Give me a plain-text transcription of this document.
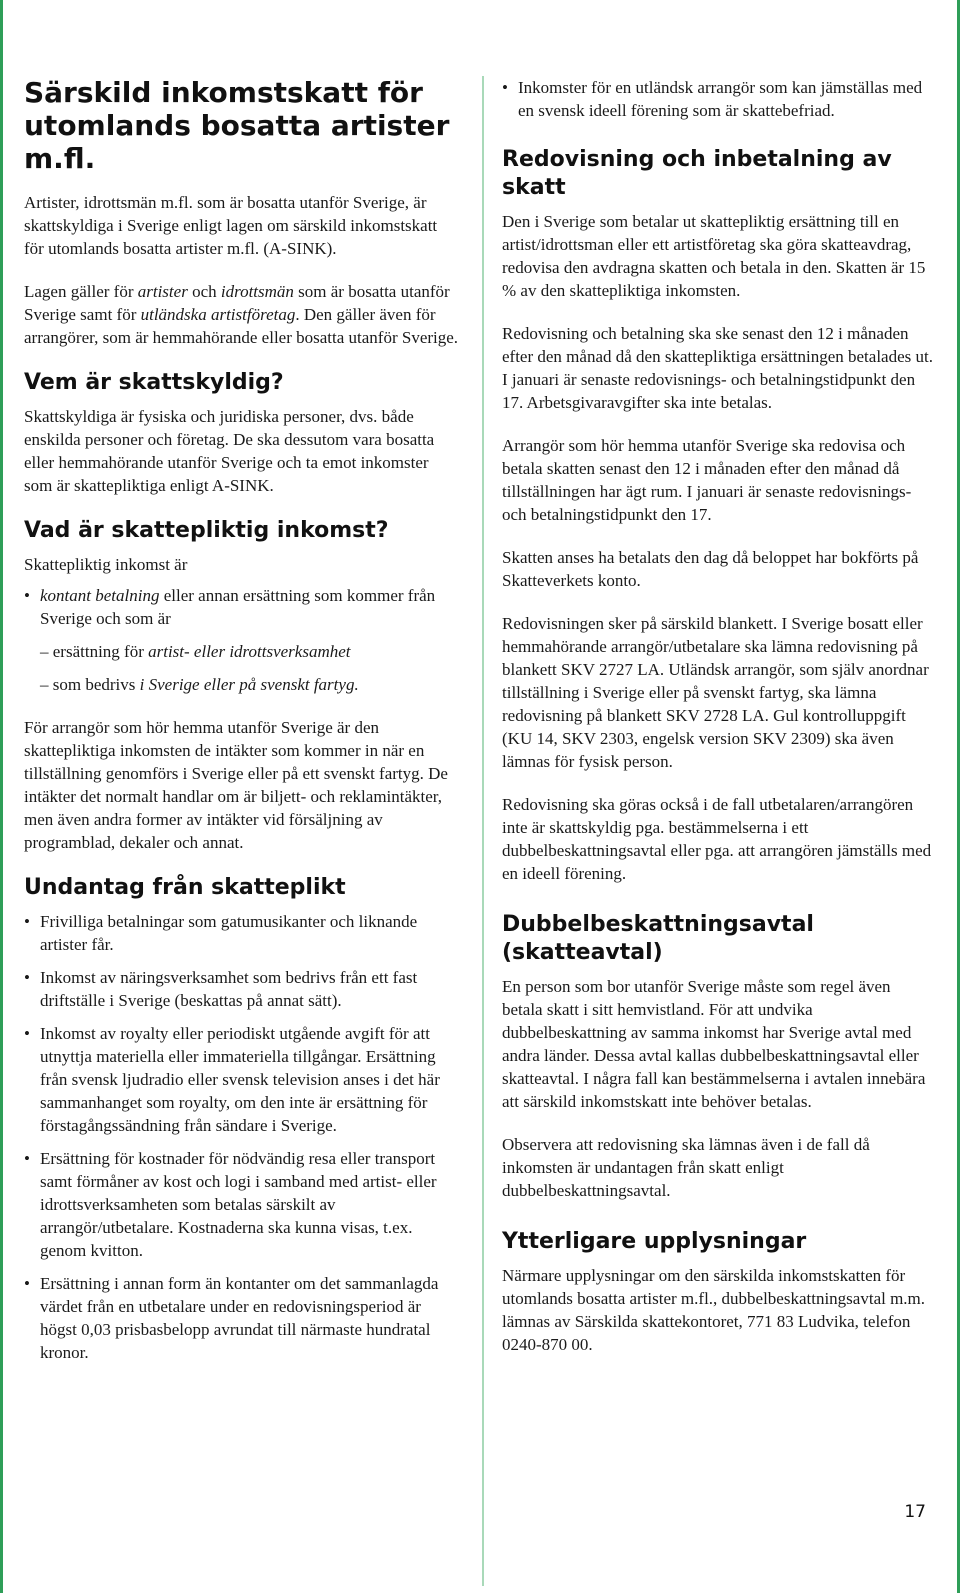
Särskild inkomstskatt för utomlands bosatta artister m.fl.

Artister, idrottsmän m.fl. som är bosatta utanför Sverige, är skattskyldiga i Sverige enligt lagen om särskild inkomstskatt för utomlands bosatta artister m.fl. (A-SINK).

Lagen gäller för artister och idrottsmän som är bosatta utanför Sverige samt för utländska artistföretag. Den gäller även för arrangörer, som är hemmahörande eller bosatta utanför Sverige.

Vem är skattskyldig?

Skattskyldiga är fysiska och juridiska personer, dvs. både enskilda personer och företag. De ska dessutom vara bosatta eller hemmahörande utanför Sverige och ta emot inkomster som är skattepliktiga enligt A-SINK.

Vad är skattepliktig inkomst?

Skattepliktig inkomst är

• kontant betalning eller annan ersättning som kommer från Sverige och som är
– ersättning för artist- eller idrottsverksamhet
– som bedrivs i Sverige eller på svenskt fartyg.

För arrangör som hör hemma utanför Sverige är den skattepliktiga inkomsten de intäkter som kommer in när en tillställning genomförs i Sverige eller på ett svenskt fartyg. De intäkter det normalt handlar om är biljett- och reklamintäkter, men även andra former av intäkter vid försäljning av programblad, dekaler och annat.

Undantag från skatteplikt
• Frivilliga betalningar som gatumusikanter och liknande artister får.
• Inkomst av näringsverksamhet som bedrivs från ett fast driftställe i Sverige (beskattas på annat sätt).
• Inkomst av royalty eller periodiskt utgående avgift för att utnyttja materiella eller immateriella tillgångar. Ersättning från svensk ljudradio eller svensk television anses i det här sammanhanget som royalty, om den inte är ersättning för förstagångssändning från sändare i Sverige.
• Ersättning för kostnader för nödvändig resa eller transport samt förmåner av kost och logi i samband med artist- eller idrottsverksamheten som betalas särskilt av arrangör/utbetalare. Kostnaderna ska kunna visas, t.ex. genom kvitton.
• Ersättning i annan form än kontanter om det sammanlagda värdet från en utbetalare under en redovisningsperiod är högst 0,03 prisbasbelopp avrundat till närmaste hundratal kronor.
• Inkomster för en utländsk arrangör som kan jämställas med en svensk ideell förening som är skattebefriad.
Redovisning och inbetalning av skatt

Den i Sverige som betalar ut skattepliktig ersättning till en artist/idrottsman eller ett artistföretag ska göra skatteavdrag, redovisa den avdragna skatten och betala in den. Skatten är 15 % av den skattepliktiga inkomsten.

Redovisning och betalning ska ske senast den 12 i månaden efter den månad då den skattepliktiga ersättningen betalades ut. I januari är senaste redovisnings- och betalningstidpunkt den 17. Arbetsgivaravgifter ska inte betalas.

Arrangör som hör hemma utanför Sverige ska redovisa och betala skatten senast den 12 i månaden efter den månad då tillställningen har ägt rum. I januari är senaste redovisnings- och betalningstidpunkt den 17.

Skatten anses ha betalats den dag då beloppet har bokförts på Skatteverkets konto.

Redovisningen sker på särskild blankett. I Sverige bosatt eller hemmahörande arrangör/utbetalare ska lämna redovisning på blankett SKV 2727 LA. Utländsk arrangör, som själv anordnar tillställning i Sverige eller på svenskt fartyg, ska lämna redovisning på blankett SKV 2728 LA. Gul kontrolluppgift (KU 14, SKV 2303, engelsk version SKV 2309) ska även lämnas för fysisk person.

Redovisning ska göras också i de fall utbetalaren/arrangören inte är skattskyldig pga. bestämmelserna i ett dubbelbeskattningsavtal eller pga. att arrangören jämställs med en ideell förening.

Dubbelbeskattningsavtal (skatteavtal)

En person som bor utanför Sverige måste som regel även betala skatt i sitt hemvistland. För att undvika dubbelbeskattning av samma inkomst har Sverige avtal med andra länder. Dessa avtal kallas dubbelbeskattningsavtal eller skatteavtal. I några fall kan bestämmelserna i avtalen innebära att särskild inkomstskatt inte behöver betalas.

Observera att redovisning ska lämnas även i de fall då inkomsten är undantagen från skatt enligt dubbelbeskattningsavtal.

Ytterligare upplysningar

Närmare upplysningar om den särskilda inkomstskatten för utomlands bosatta artister m.fl., dubbelbeskattningsavtal m.m. lämnas av Särskilda skattekontoret, 771 83 Ludvika, telefon 0240-870 00.

17
